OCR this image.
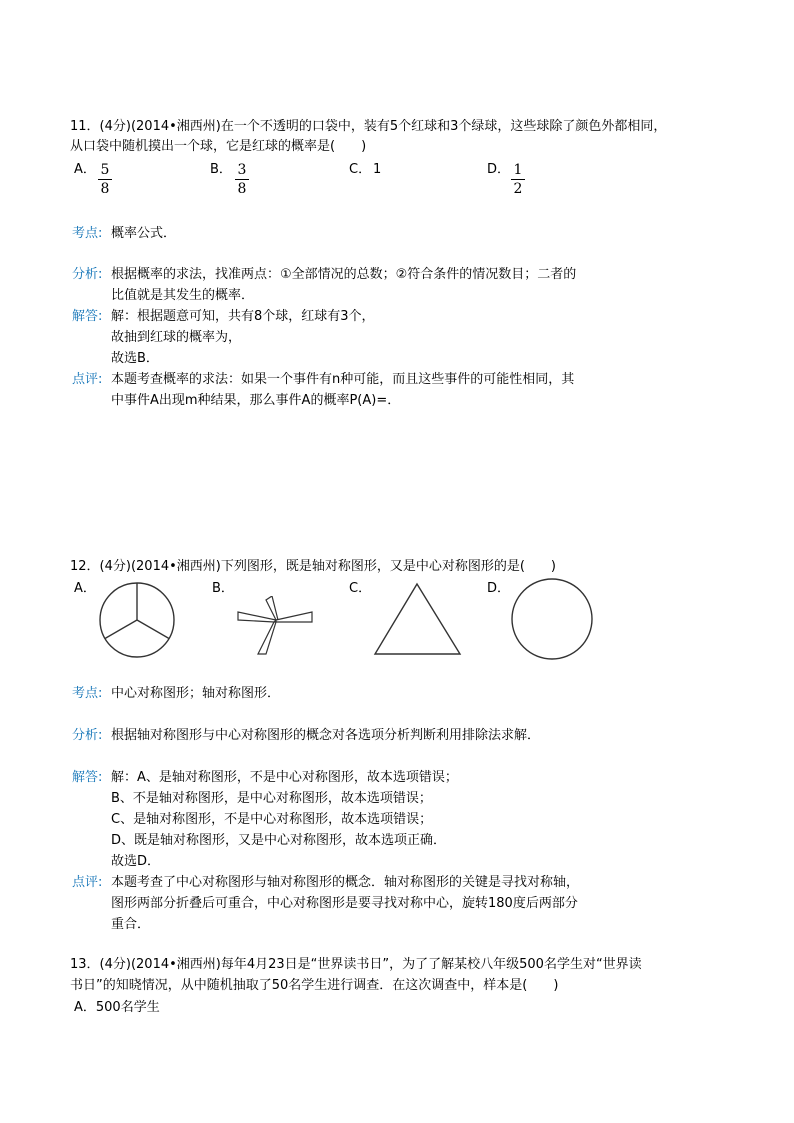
11．(4分)(2014•湘西州)在一个不透明的口袋中，装有5个红球和3个绿球，这些球除了颜色外都相同，
从口袋中随机摸出一个球，它是红球的概率是(　　)
A． 5
8
B． 3
8
C． 1	D． 1
2
考点: 概率公式．
分析: 根据概率的求法，找准两点：①全部情况的总数；②符合条件的情况数目；二者的
比值就是其发生的概率．
解答: 解：根据题意可知，共有8个球，红球有3个，
故抽到红球的概率为，
故选B．
点评: 本题考查概率的求法：如果一个事件有n种可能，而且这些事件的可能性相同，其
中事件A出现m种结果，那么事件A的概率P(A)=．
12．(4分)(2014•湘西州)下列图形，既是轴对称图形，又是中心对称图形的是(　　)
A．	B．	C．	D．
考点: 中心对称图形；轴对称图形．
分析: 根据轴对称图形与中心对称图形的概念对各选项分析判断利用排除法求解．
解答: 解：A、是轴对称图形，不是中心对称图形，故本选项错误；
B、不是轴对称图形，是中心对称图形，故本选项错误；
C、是轴对称图形，不是中心对称图形，故本选项错误；
D、既是轴对称图形，又是中心对称图形，故本选项正确．
故选D．
点评: 本题考查了中心对称图形与轴对称图形的概念．轴对称图形的关键是寻找对称轴，
图形两部分折叠后可重合，中心对称图形是要寻找对称中心，旋转180度后两部分
重合．
13．(4分)(2014•湘西州)每年4月23日是“世界读书日”，为了了解某校八年级500名学生对“世界读
书日”的知晓情况，从中随机抽取了50名学生进行调查．在这次调查中，样本是(　　)
A．500名学生
